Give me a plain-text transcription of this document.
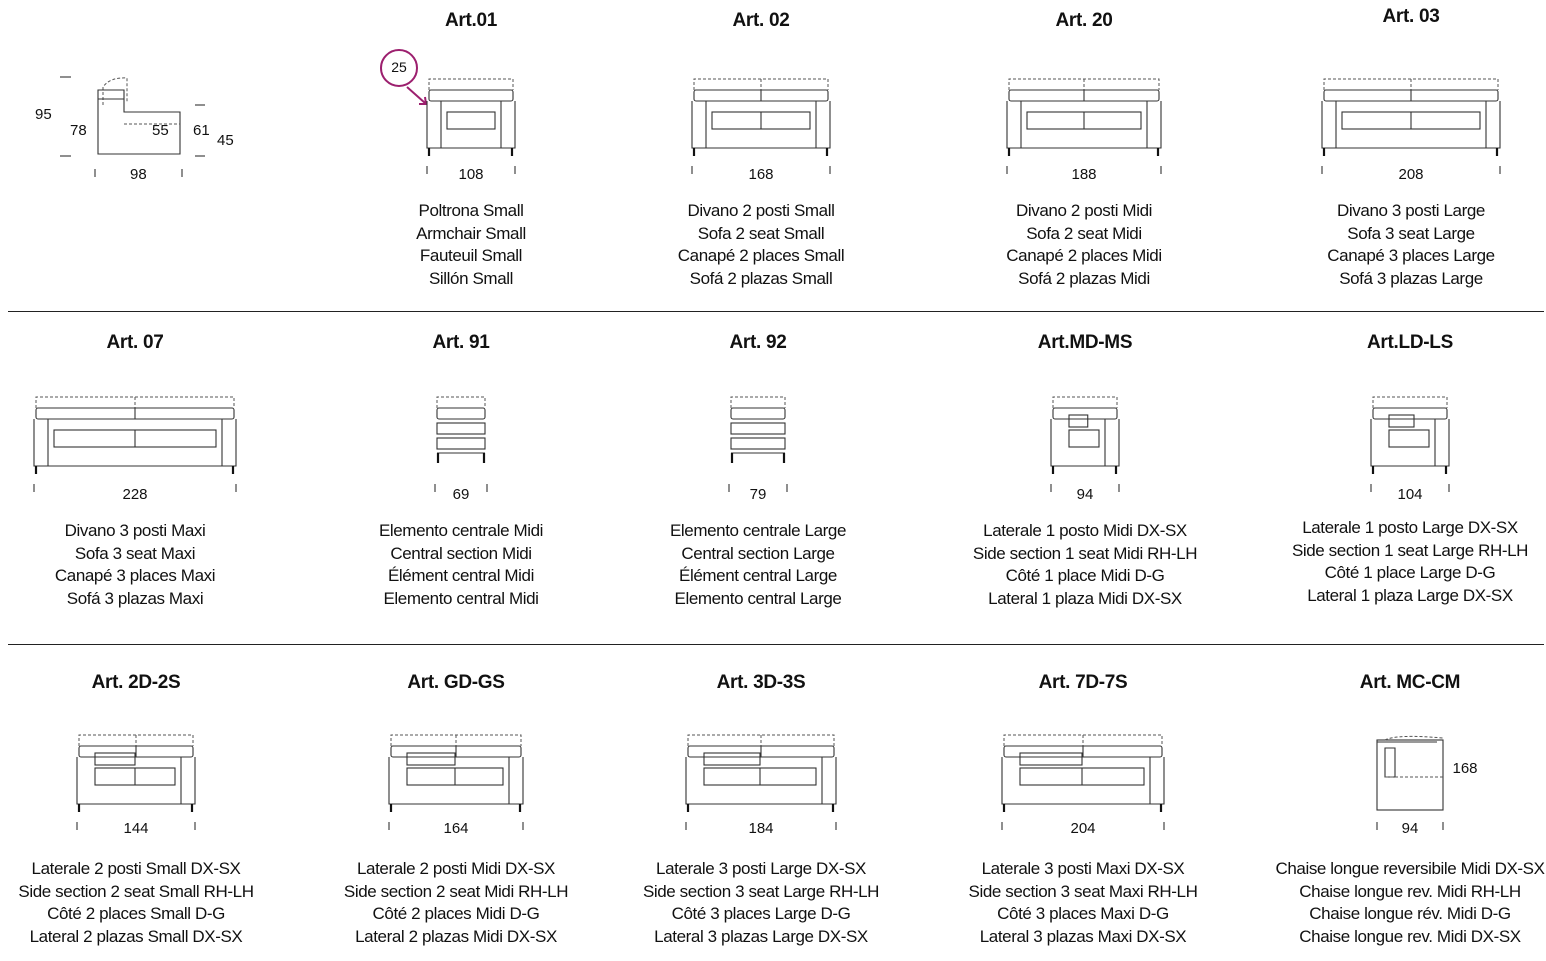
95
78	55 61
45
98
25
Art.01
108
Poltrona Small
Armchair Small
Fauteuil Small
Sillón Small
Art. 02
168
Divano 2 posti Small
Sofa 2 seat Small
Canapé 2 places Small
Sofá 2 plazas Small
Art. 20
188
Divano 2 posti Midi
Sofa 2 seat Midi
Canapé 2 places Midi
Sofá 2 plazas Midi
Art. 03
208
Divano 3 posti Large
Sofa 3 seat Large
Canapé 3 places Large
Sofá 3 plazas Large
Art. 07
228
Divano 3 posti Maxi
Sofa 3 seat Maxi
Canapé 3 places Maxi
Sofá 3 plazas Maxi
Art. 91
69
Elemento centrale Midi
Central section Midi
Élément central Midi
Elemento central Midi
Art. 92
79
Elemento centrale Large
Central section Large
Élément central Large
Elemento central Large
Art.MD-MS
94
Laterale 1 posto Midi DX-SX
Side section 1 seat Midi RH-LH
Côté 1 place Midi D-G
Lateral 1 plaza Midi DX-SX
Art.LD-LS
104
Laterale 1 posto Large DX-SX
Side section 1 seat Large RH-LH
Côté 1 place Large D-G
Lateral 1 plaza Large DX-SX
Art. 2D-2S
144
Laterale 2 posti Small DX-SX
Side section 2 seat Small RH-LH
Côté 2 places Small D-G
Lateral 2 plazas Small DX-SX
Art. GD-GS
164
Laterale 2 posti Midi DX-SX
Side section 2 seat Midi RH-LH
Côté 2 places Midi D-G
Lateral 2 plazas Midi DX-SX
Art. 3D-3S
184
Laterale 3 posti Large DX-SX
Side section 3 seat Large RH-LH
Côté 3 places Large D-G
Lateral 3 plazas Large DX-SX
Art. 7D-7S
204
Laterale 3 posti Maxi DX-SX
Side section 3 seat Maxi RH-LH
Côté 3 places Maxi D-G
Lateral 3 plazas Maxi DX-SX
Art. MC-CM
94
168
Chaise longue reversibile Midi DX-SX
Chaise longue rev. Midi RH-LH
Chaise longue rév. Midi D-G
Chaise longue rev. Midi DX-SX
